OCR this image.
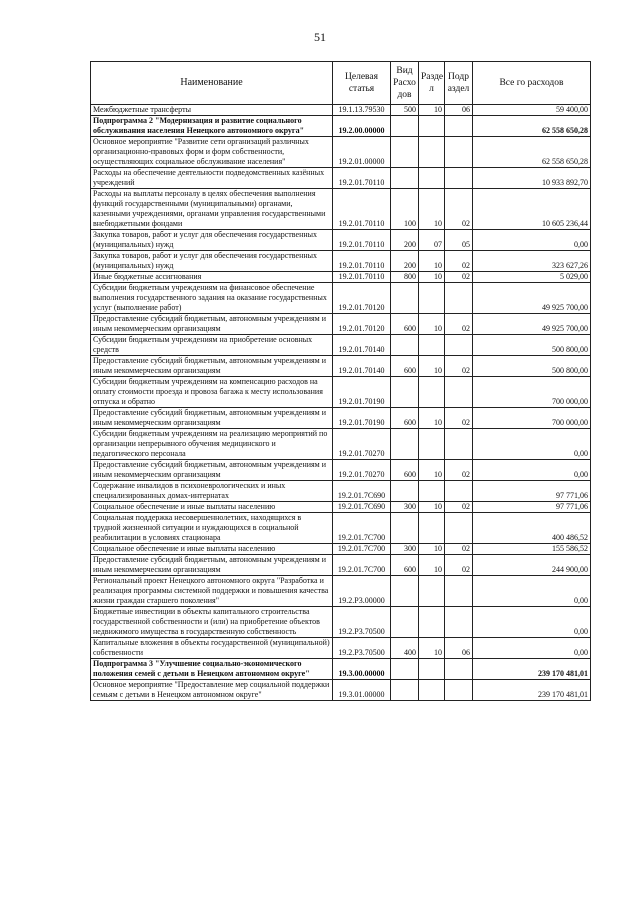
51
Наименование	Целевая статья	Вид Расхо дов	Разде л	Подр аздел	Все го расходов
Межбюджетные трансферты	19.1.13.79530	500	10	06	59 400,00
Подпрограмма 2 "Модернизация и развитие социального обслуживания населения Ненецкого автономного округа"	19.2.00.00000				62 558 650,28
Основное мероприятие "Развитие сети организаций различных организационно-правовых форм и форм собственности, осуществляющих социальное обслуживание населения"	19.2.01.00000				62 558 650,28
Расходы на обеспечение деятельности подведомственных казённых учреждений	19.2.01.70110				10 933 892,70
Расходы на выплаты персоналу в целях обеспечения выполнения функций государственными (муниципальными) органами, казенными учреждениями, органами управления государственными внебюджетными фондами	19.2.01.70110	100	10	02	10 605 236,44
Закупка товаров, работ и услуг для обеспечения государственных (муниципальных) нужд	19.2.01.70110	200	07	05	0,00
Закупка товаров, работ и услуг для обеспечения государственных (муниципальных) нужд	19.2.01.70110	200	10	02	323 627,26
Иные бюджетные ассигнования	19.2.01.70110	800	10	02	5 029,00
Субсидии бюджетным учреждениям на финансовое обеспечение выполнения государственного задания на оказание государственных услуг (выполнение работ)	19.2.01.70120				49 925 700,00
Предоставление субсидий бюджетным, автономным учреждениям и иным некоммерческим организациям	19.2.01.70120	600	10	02	49 925 700,00
Субсидии бюджетным учреждениям на приобретение основных средств	19.2.01.70140				500 800,00
Предоставление субсидий бюджетным, автономным учреждениям и иным некоммерческим организациям	19.2.01.70140	600	10	02	500 800,00
Субсидии бюджетным учреждениям на компенсацию расходов на оплату стоимости проезда и провоза багажа к месту использования отпуска и обратно	19.2.01.70190				700 000,00
Предоставление субсидий бюджетным, автономным учреждениям и иным некоммерческим организациям	19.2.01.70190	600	10	02	700 000,00
Субсидии бюджетным учреждениям на реализацию мероприятий по организации непрерывного обучения медицинского и педагогического персонала	19.2.01.70270				0,00
Предоставление субсидий бюджетным, автономным учреждениям и иным некоммерческим организациям	19.2.01.70270	600	10	02	0,00
Содержание инвалидов в психоневрологических и иных специализированных домах-интернатах	19.2.01.7С690				97 771,06
Социальное обеспечение и иные выплаты населению	19.2.01.7С690	300	10	02	97 771,06
Социальная поддержка несовершеннолетних, находящихся в трудной жизненной ситуации и нуждающихся в социальной реабилитации в условиях стационара	19.2.01.7С700				400 486,52
Социальное обеспечение и иные выплаты населению	19.2.01.7С700	300	10	02	155 586,52
Предоставление субсидий бюджетным, автономным учреждениям и иным некоммерческим организациям	19.2.01.7С700	600	10	02	244 900,00
Региональный проект Ненецкого автономного округа "Разработка и реализация программы системной поддержки и повышения качества жизни граждан старшего поколения"	19.2.Р3.00000				0,00
Бюджетные инвестиции в объекты капитального строительства государственной собственности и (или) на приобретение объектов недвижимого имущества в государственную собственность	19.2.Р3.70500				0,00
Капитальные вложения в объекты государственной (муниципальной) собственности	19.2.Р3.70500	400	10	06	0,00
Подпрограмма 3 "Улучшение социально-экономического положения семей с детьми в Ненецком автономном округе"	19.3.00.00000				239 170 481,01
Основное мероприятие "Предоставление мер социальной поддержки семьям с детьми в Ненецком автономном округе"	19.3.01.00000				239 170 481,01
